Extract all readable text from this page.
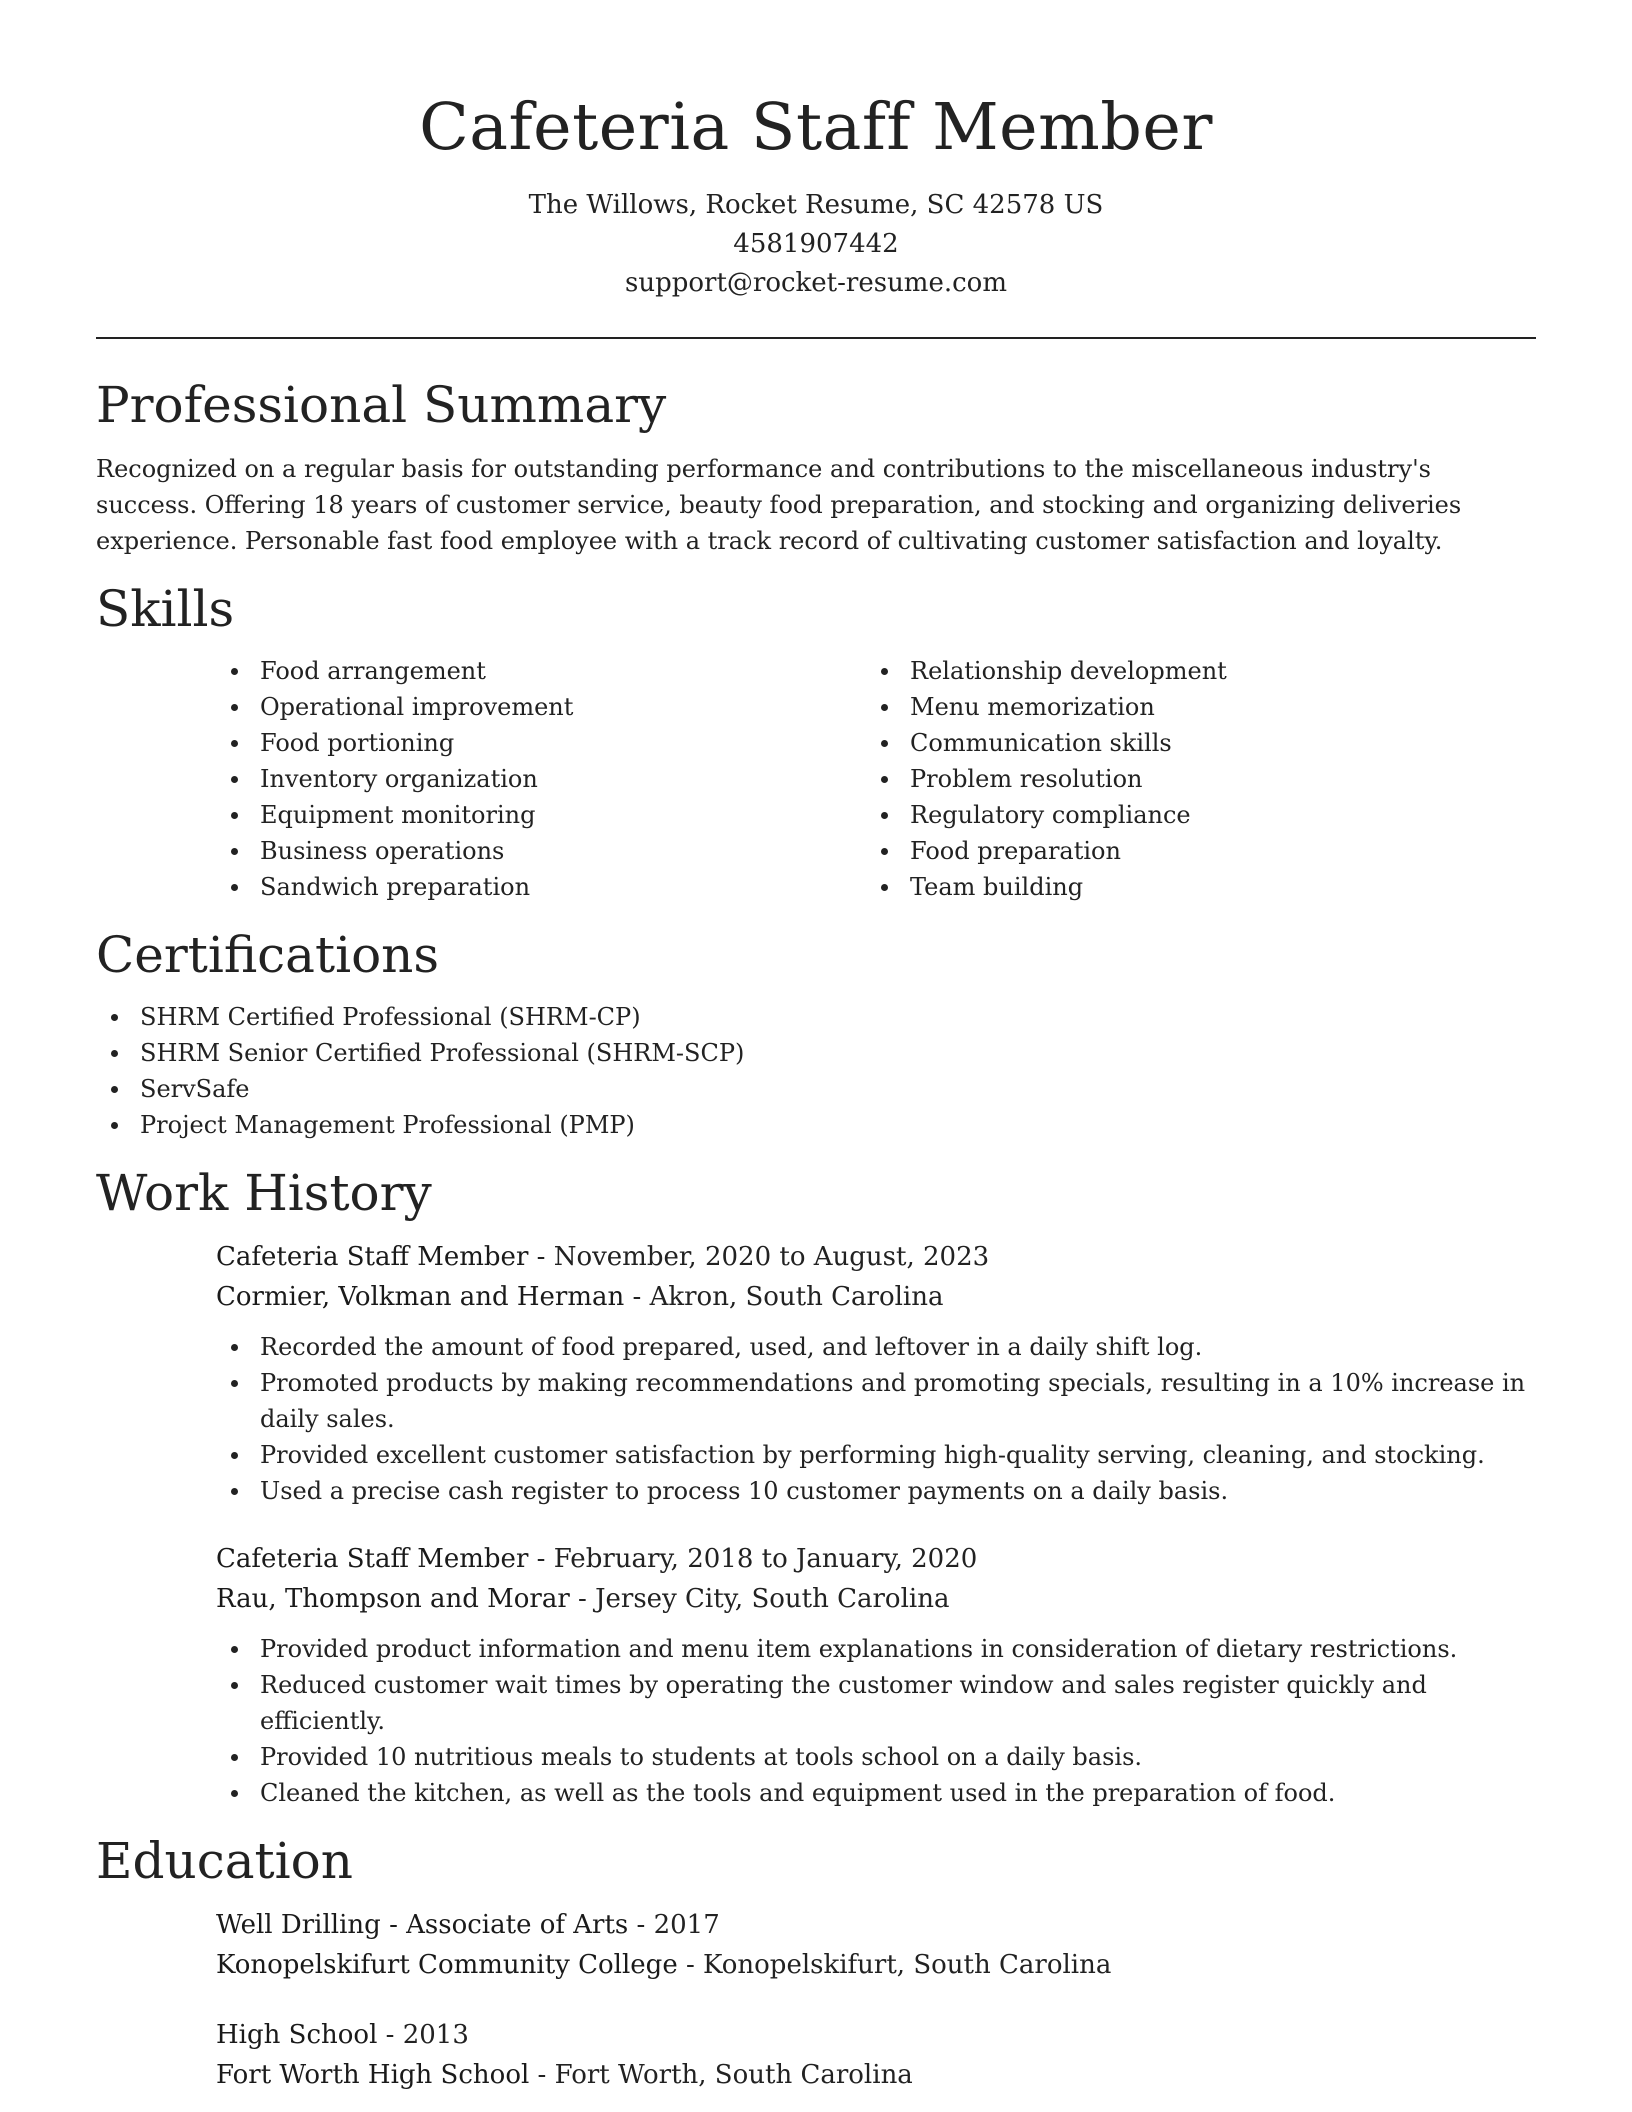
Cafeteria Staff Member

The Willows, Rocket Resume, SC 42578 US

4581907442

support@rocket-resume.com

Professional Summary

Recognized on a regular basis for outstanding performance and contributions to the miscellaneous industry's success. Offering 18 years of customer service, beauty food preparation, and stocking and organizing deliveries experience. Personable fast food employee with a track record of cultivating customer satisfaction and loyalty.

Skills
Food arrangement
Operational improvement
Food portioning
Inventory organization
Equipment monitoring
Business operations
Sandwich preparation
Relationship development
Menu memorization
Communication skills
Problem resolution
Regulatory compliance
Food preparation
Team building
Certifications
SHRM Certified Professional (SHRM-CP)
SHRM Senior Certified Professional (SHRM-SCP)
ServSafe
Project Management Professional (PMP)
Work History

Cafeteria Staff Member - November, 2020 to August, 2023

Cormier, Volkman and Herman - Akron, South Carolina

Recorded the amount of food prepared, used, and leftover in a daily shift log.
Promoted products by making recommendations and promoting specials, resulting in a 10% increase in daily sales.
Provided excellent customer satisfaction by performing high-quality serving, cleaning, and stocking.
Used a precise cash register to process 10 customer payments on a daily basis.

Cafeteria Staff Member - February, 2018 to January, 2020

Rau, Thompson and Morar - Jersey City, South Carolina

Provided product information and menu item explanations in consideration of dietary restrictions.
Reduced customer wait times by operating the customer window and sales register quickly and efficiently.
Provided 10 nutritious meals to students at tools school on a daily basis.
Cleaned the kitchen, as well as the tools and equipment used in the preparation of food.
Education

Well Drilling - Associate of Arts - 2017

Konopelskifurt Community College - Konopelskifurt, South Carolina

High School - 2013

Fort Worth High School - Fort Worth, South Carolina
